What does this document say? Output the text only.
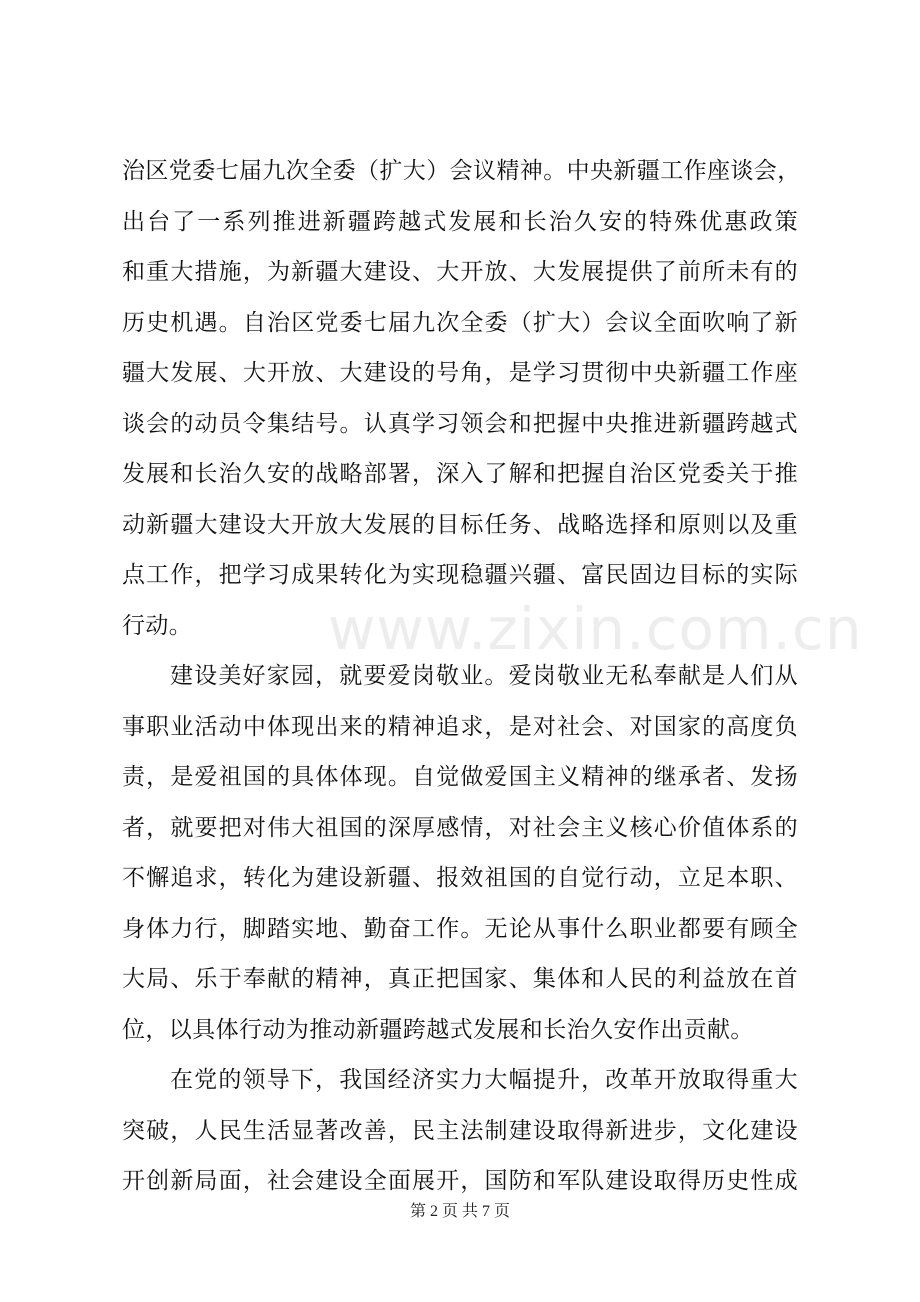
www.zixin.com.cn
治区党委七届九次全委（扩大）会议精神。中央新疆工作座谈会，
出台了一系列推进新疆跨越式发展和长治久安的特殊优惠政策
和重大措施，为新疆大建设、大开放、大发展提供了前所未有的
历史机遇。自治区党委七届九次全委（扩大）会议全面吹响了新
疆大发展、大开放、大建设的号角，是学习贯彻中央新疆工作座
谈会的动员令集结号。认真学习领会和把握中央推进新疆跨越式
发展和长治久安的战略部署，深入了解和把握自治区党委关于推
动新疆大建设大开放大发展的目标任务、战略选择和原则以及重
点工作，把学习成果转化为实现稳疆兴疆、富民固边目标的实际
行动。
建设美好家园，就要爱岗敬业。爱岗敬业无私奉献是人们从
事职业活动中体现出来的精神追求，是对社会、对国家的高度负
责，是爱祖国的具体体现。自觉做爱国主义精神的继承者、发扬
者，就要把对伟大祖国的深厚感情，对社会主义核心价值体系的
不懈追求，转化为建设新疆、报效祖国的自觉行动，立足本职、
身体力行，脚踏实地、勤奋工作。无论从事什么职业都要有顾全
大局、乐于奉献的精神，真正把国家、集体和人民的利益放在首
位，以具体行动为推动新疆跨越式发展和长治久安作出贡献。
在党的领导下，我国经济实力大幅提升，改革开放取得重大
突破，人民生活显著改善，民主法制建设取得新进步，文化建设
开创新局面，社会建设全面展开，国防和军队建设取得历史性成
第 2 页 共 7 页
